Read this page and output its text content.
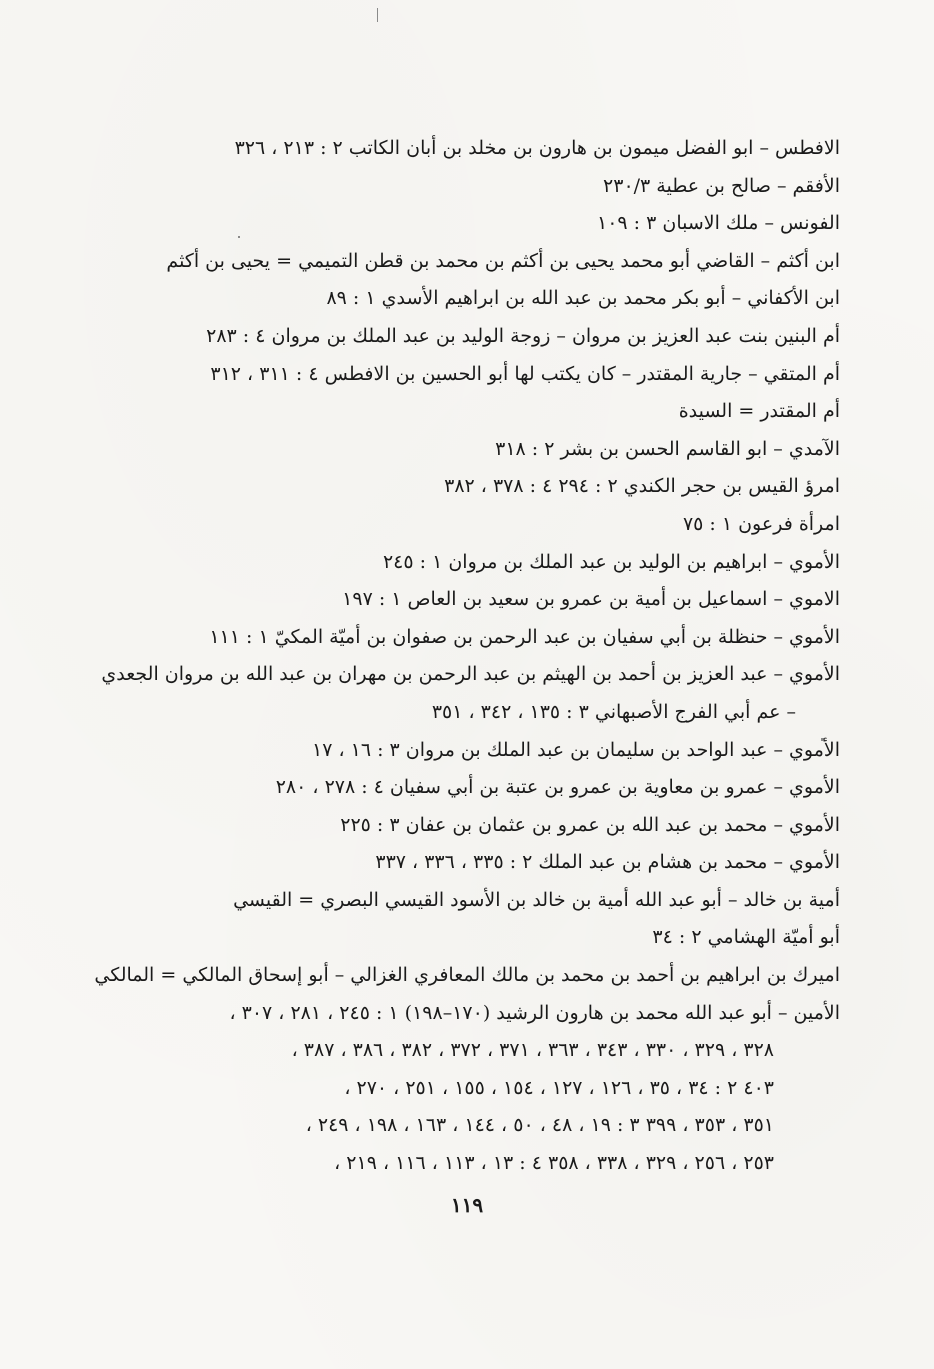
الافطس – ابو الفضل ميمون بن هارون بن مخلد بن أبان الكاتب ٢ : ٢١٣ ، ٣٢٦
الأفقم – صالح بن عطية ٢٣٠/٣
الفونس – ملك الاسبان ٣ : ١٠٩
ابن أكثم – القاضي أبو محمد يحيى بن أكثم بن محمد بن قطن التميمي = يحيى بن أكثم
ابن الأكفاني – أبو بكر محمد بن عبد الله بن ابراهيم الأسدي ١ : ٨٩
أم البنين بنت عبد العزيز بن مروان – زوجة الوليد بن عبد الملك بن مروان ٤ : ٢٨٣
أم المتقي – جارية المقتدر – كان يكتب لها أبو الحسين بن الافطس ٤ : ٣١١ ، ٣١٢
أم المقتدر = السيدة
الآمدي – ابو القاسم الحسن بن بشر ٢ : ٣١٨
امرؤ القيس بن حجر الكندي ٢ : ٢٩٤ ٤ : ٣٧٨ ، ٣٨٢
امرأة فرعون ١ : ٧٥
الأموي – ابراهيم بن الوليد بن عبد الملك بن مروان ١ : ٢٤٥
الاموي – اسماعيل بن أمية بن عمرو بن سعيد بن العاص ١ : ١٩٧
الأموي – حنظلة بن أبي سفيان بن عبد الرحمن بن صفوان بن أميّة المكيّ ١ : ١١١
الأموي – عبد العزيز بن أحمد بن الهيثم بن عبد الرحمن بن مهران بن عبد الله بن مروان الجعدي
– عم أبي الفرج الأصبهاني ٣ : ١٣٥ ، ٣٤٢ ، ٣٥١
الأموي – عبد الواحد بن سليمان بن عبد الملك بن مروان ٣ : ١٦ ، ١٧
الأموي – عمرو بن معاوية بن عمرو بن عتبة بن أبي سفيان ٤ : ٢٧٨ ، ٢٨٠
الأموي – محمد بن عبد الله بن عمرو بن عثمان بن عفان ٣ : ٢٢٥
الأموي – محمد بن هشام بن عبد الملك ٢ : ٣٣٥ ، ٣٣٦ ، ٣٣٧
أمية بن خالد – أبو عبد الله أمية بن خالد بن الأسود القيسي البصري = القيسي
أبو أميّة الهشامي ٢ : ٣٤
اميرك بن ابراهيم بن أحمد بن محمد بن مالك المعافري الغزالي – أبو إسحاق المالكي = المالكي
الأمين – أبو عبد الله محمد بن هارون الرشيد (١٧٠–١٩٨) ١ : ٢٤٥ ، ٢٨١ ، ٣٠٧ ،
٣٢٨ ، ٣٢٩ ، ٣٣٠ ، ٣٤٣ ، ٣٦٣ ، ٣٧١ ، ٣٧٢ ، ٣٨٢ ، ٣٨٦ ، ٣٨٧ ،
٤٠٣ ٢ : ٣٤ ، ٣٥ ، ١٢٦ ، ١٢٧ ، ١٥٤ ، ١٥٥ ، ٢٥١ ، ٢٧٠ ،
٣٥١ ، ٣٥٣ ، ٣٩٩ ٣ : ١٩ ، ٤٨ ، ٥٠ ، ١٤٤ ، ١٦٣ ، ١٩٨ ، ٢٤٩ ،
٢٥٣ ، ٢٥٦ ، ٣٢٩ ، ٣٣٨ ، ٣٥٨ ٤ : ١٣ ، ١١٣ ، ١١٦ ، ٢١٩ ،
١١٩
